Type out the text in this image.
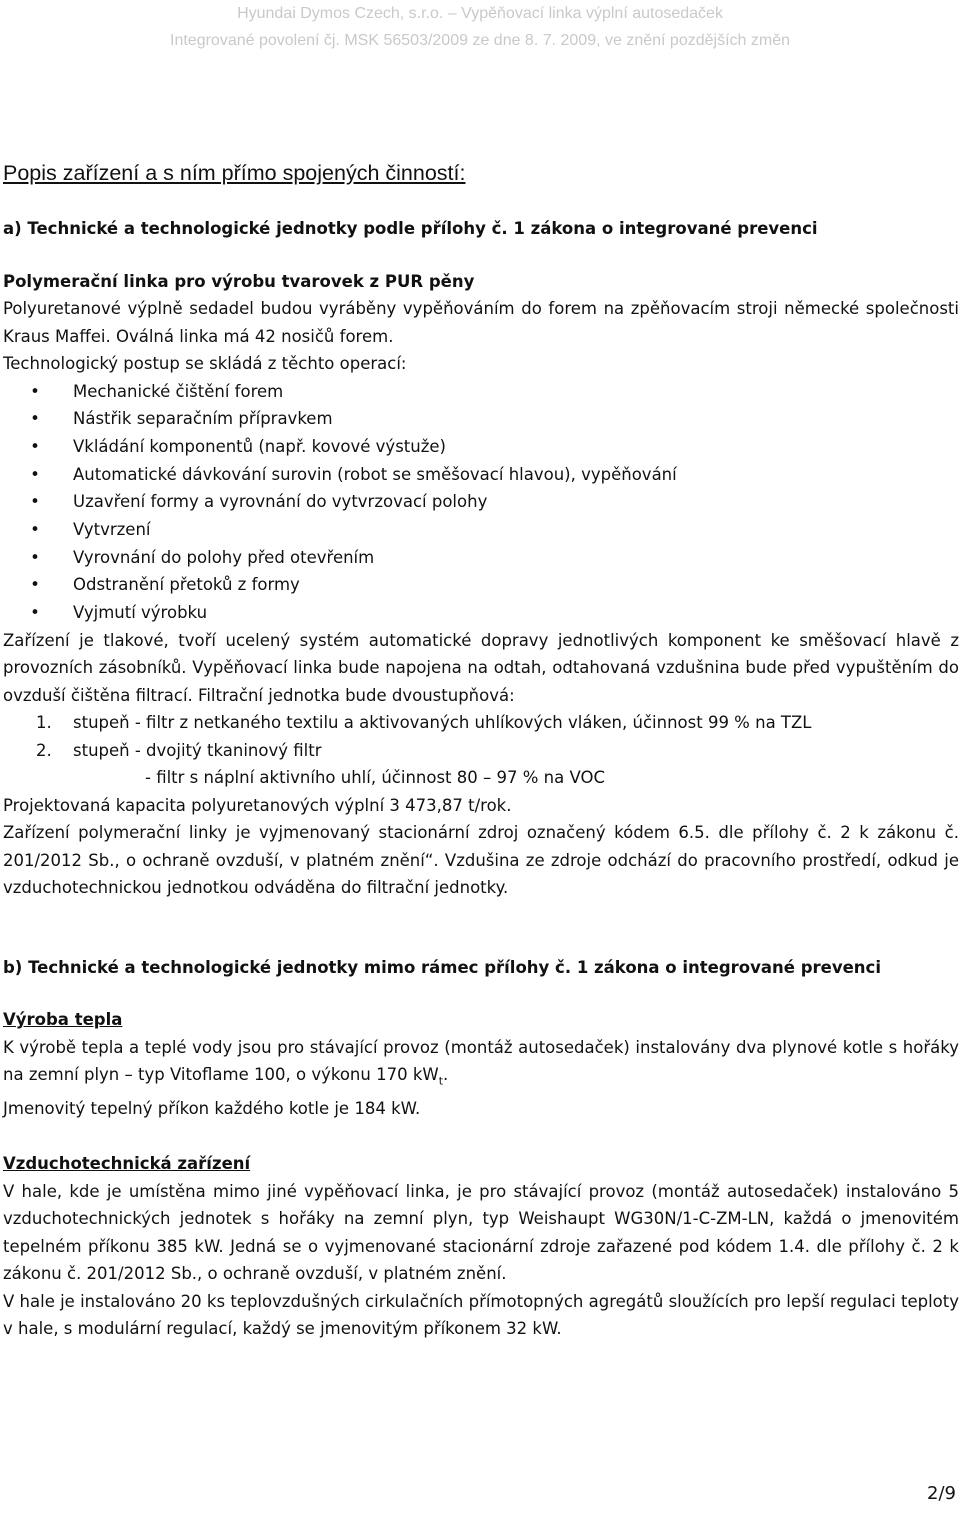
Hyundai Dymos Czech, s.r.o. – Vypěňovací linka výplní autosedaček
Integrované povolení čj. MSK 56503/2009 ze dne 8. 7. 2009, ve znění pozdějších změn

Popis zařízení a s ním přímo spojených činností:

a) Technické a technologické jednotky podle přílohy č. 1 zákona o integrované prevenci

Polymerační linka pro výrobu tvarovek z PUR pěny

Polyuretanové výplně sedadel budou vyráběny vypěňováním do forem na zpěňovacím stroji německé společnosti Kraus Maffei. Oválná linka má 42 nosičů forem.

Technologický postup se skládá z těchto operací:

•	Mechanické čištění forem
•	Nástřik separačním přípravkem
•	Vkládání komponentů (např. kovové výstuže)
•	Automatické dávkování surovin (robot se směšovací hlavou), vypěňování
•	Uzavření formy a vyrovnání do vytvrzovací polohy
•	Vytvrzení
•	Vyrovnání do polohy před otevřením
•	Odstranění přetoků z formy
•	Vyjmutí výrobku

Zařízení je tlakové, tvoří ucelený systém automatické dopravy jednotlivých komponent ke směšovací hlavě z provozních zásobníků. Vypěňovací linka bude napojena na odtah, odtahovaná vzdušnina bude před vypuštěním do ovzduší čištěna filtrací. Filtrační jednotka bude dvoustupňová:

1. stupeň - filtr z netkaného textilu a aktivovaných uhlíkových vláken, účinnost 99 % na TZL
2. stupeň - dvojitý tkaninový filtr
- filtr s náplní aktivního uhlí, účinnost 80 – 97 % na VOC

Projektovaná kapacita polyuretanových výplní 3 473,87 t/rok.

Zařízení polymerační linky je vyjmenovaný stacionární zdroj označený kódem 6.5. dle přílohy č. 2 k zákonu č. 201/2012 Sb., o ochraně ovzduší, v platném znění“. Vzdušina ze zdroje odchází do pracovního prostředí, odkud je vzduchotechnickou jednotkou odváděna do filtrační jednotky.

b) Technické a technologické jednotky mimo rámec přílohy č. 1 zákona o integrované prevenci

Výroba tepla

K výrobě tepla a teplé vody jsou pro stávající provoz (montáž autosedaček) instalovány dva plynové kotle s hořáky na zemní plyn – typ Vitoflame 100, o výkonu 170 $kW_t$.

Jmenovitý tepelný příkon každého kotle je 184 kW.

Vzduchotechnická zařízení

V hale, kde je umístěna mimo jiné vypěňovací linka, je pro stávající provoz (montáž autosedaček) instalováno 5 vzduchotechnických jednotek s hořáky na zemní plyn, typ Weishaupt WG30N/1-C-ZM-LN, každá o jmenovitém tepelném příkonu 385 kW. Jedná se o vyjmenované stacionární zdroje zařazené pod kódem 1.4. dle přílohy č. 2 k zákonu č. 201/2012 Sb., o ochraně ovzduší, v platném znění.

V hale je instalováno 20 ks teplovzdušných cirkulačních přímotopných agregátů sloužících pro lepší regulaci teploty v hale, s modulární regulací, každý se jmenovitým příkonem 32 kW.

2/9
